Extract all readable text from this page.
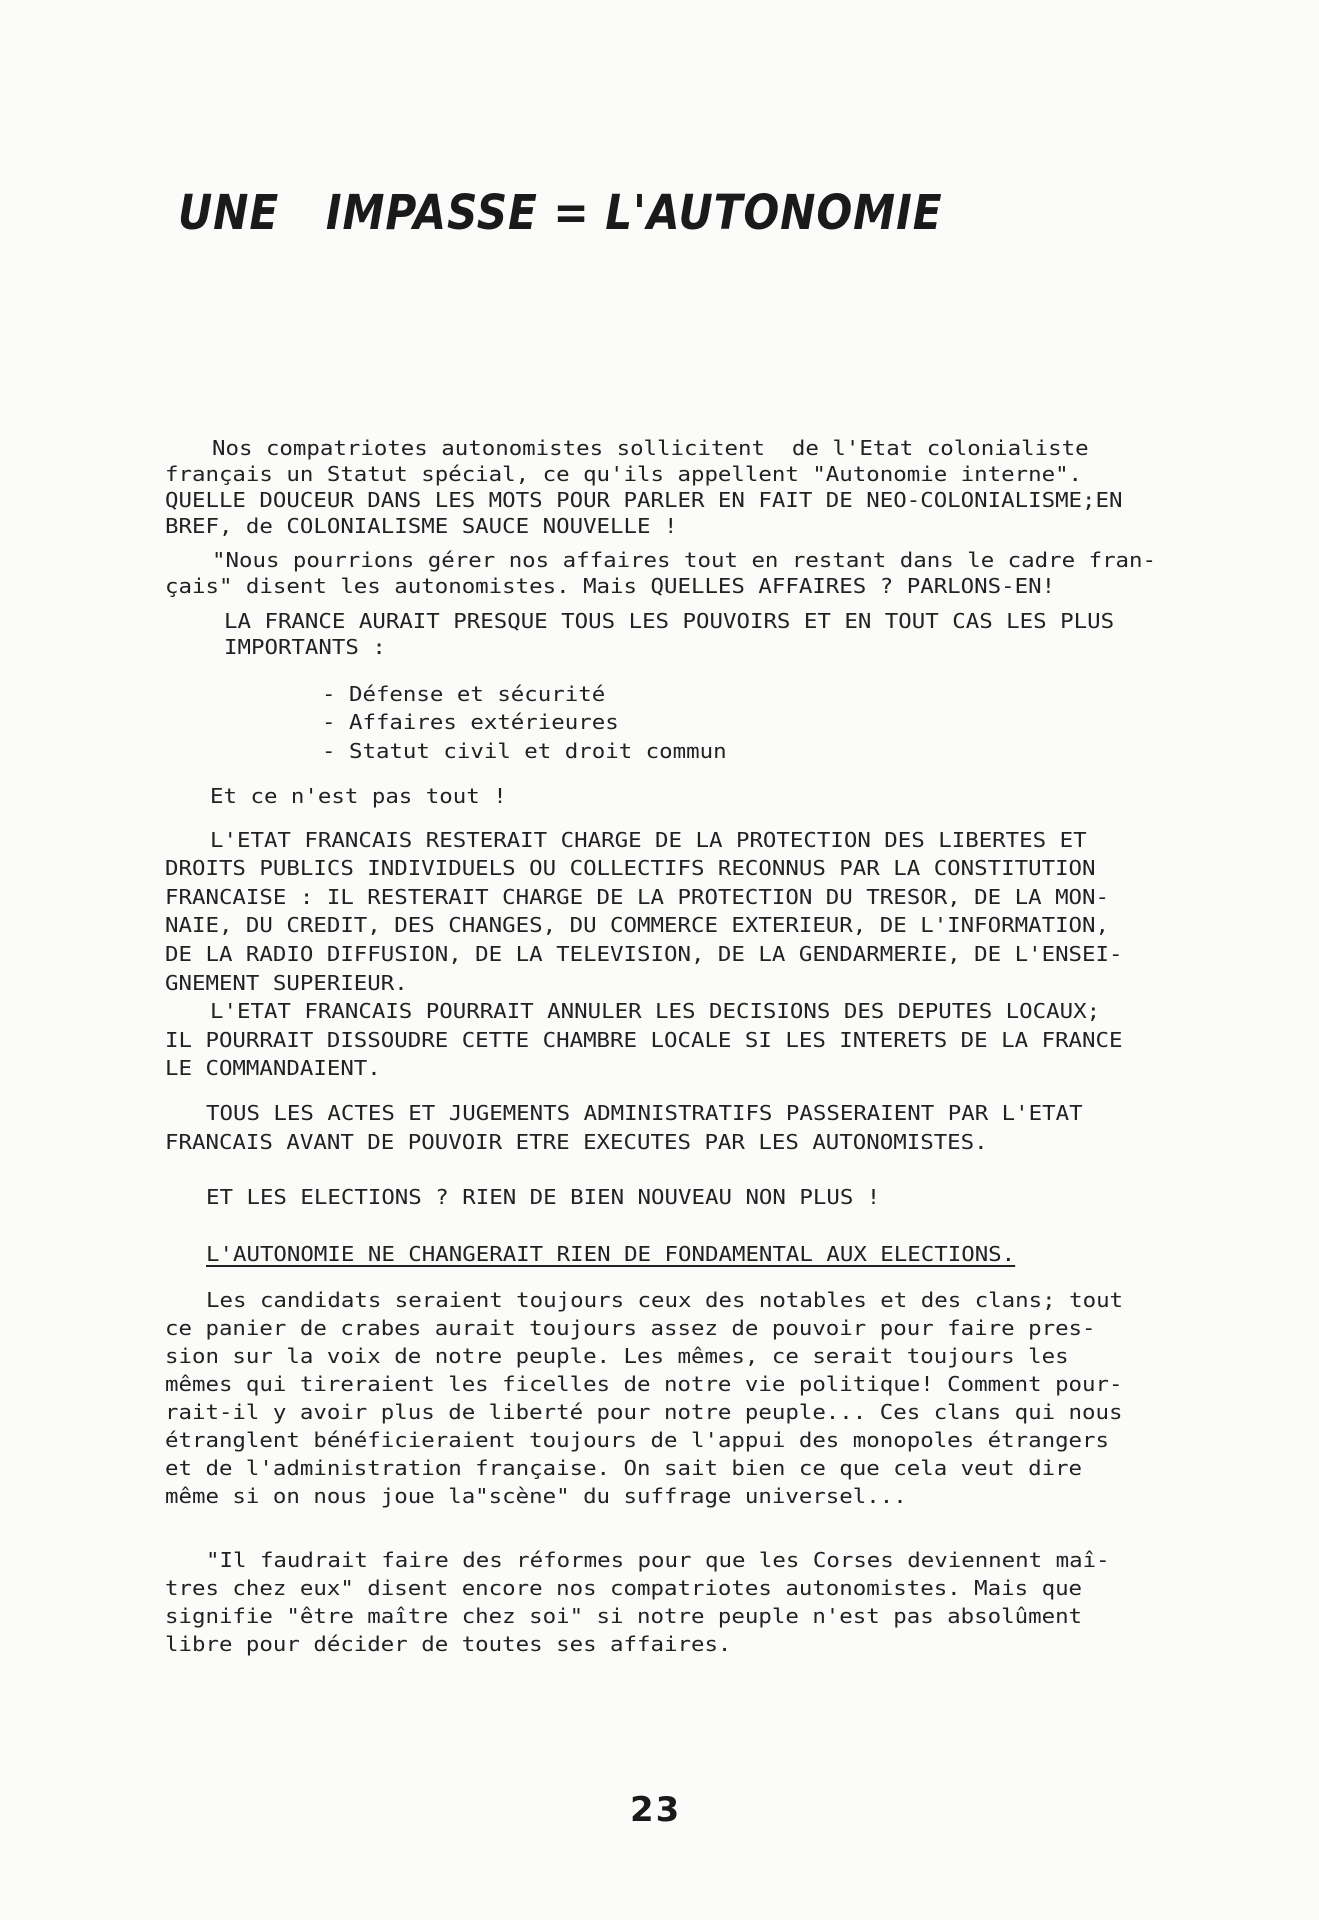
UNE   IMPASSE = L'AUTONOMIE

Nos compatriotes autonomistes sollicitent  de l'Etat colonialiste

français un Statut spécial, ce qu'ils appellent "Autonomie interne".

QUELLE DOUCEUR DANS LES MOTS POUR PARLER EN FAIT DE NEO-COLONIALISME;EN

BREF, de COLONIALISME SAUCE NOUVELLE !

"Nous pourrions gérer nos affaires tout en restant dans le cadre fran-

çais" disent les autonomistes. Mais QUELLES AFFAIRES ? PARLONS-EN!

LA FRANCE AURAIT PRESQUE TOUS LES POUVOIRS ET EN TOUT CAS LES PLUS

IMPORTANTS :

- Défense et sécurité

- Affaires extérieures

- Statut civil et droit commun

Et ce n'est pas tout !

L'ETAT FRANCAIS RESTERAIT CHARGE DE LA PROTECTION DES LIBERTES ET

DROITS PUBLICS INDIVIDUELS OU COLLECTIFS RECONNUS PAR LA CONSTITUTION

FRANCAISE : IL RESTERAIT CHARGE DE LA PROTECTION DU TRESOR, DE LA MON-

NAIE, DU CREDIT, DES CHANGES, DU COMMERCE EXTERIEUR, DE L'INFORMATION,

DE LA RADIO DIFFUSION, DE LA TELEVISION, DE LA GENDARMERIE, DE L'ENSEI-

GNEMENT SUPERIEUR.

L'ETAT FRANCAIS POURRAIT ANNULER LES DECISIONS DES DEPUTES LOCAUX;

IL POURRAIT DISSOUDRE CETTE CHAMBRE LOCALE SI LES INTERETS DE LA FRANCE

LE COMMANDAIENT.

TOUS LES ACTES ET JUGEMENTS ADMINISTRATIFS PASSERAIENT PAR L'ETAT

FRANCAIS AVANT DE POUVOIR ETRE EXECUTES PAR LES AUTONOMISTES.

ET LES ELECTIONS ? RIEN DE BIEN NOUVEAU NON PLUS !

L'AUTONOMIE NE CHANGERAIT RIEN DE FONDAMENTAL AUX ELECTIONS.

Les candidats seraient toujours ceux des notables et des clans; tout

ce panier de crabes aurait toujours assez de pouvoir pour faire pres-

sion sur la voix de notre peuple. Les mêmes, ce serait toujours les

mêmes qui tireraient les ficelles de notre vie politique! Comment pour-

rait-il y avoir plus de liberté pour notre peuple... Ces clans qui nous

étranglent bénéficieraient toujours de l'appui des monopoles étrangers

et de l'administration française. On sait bien ce que cela veut dire

même si on nous joue la"scène" du suffrage universel...

"Il faudrait faire des réformes pour que les Corses deviennent maî-

tres chez eux" disent encore nos compatriotes autonomistes. Mais que

signifie "être maître chez soi" si notre peuple n'est pas absolûment

libre pour décider de toutes ses affaires.

23
